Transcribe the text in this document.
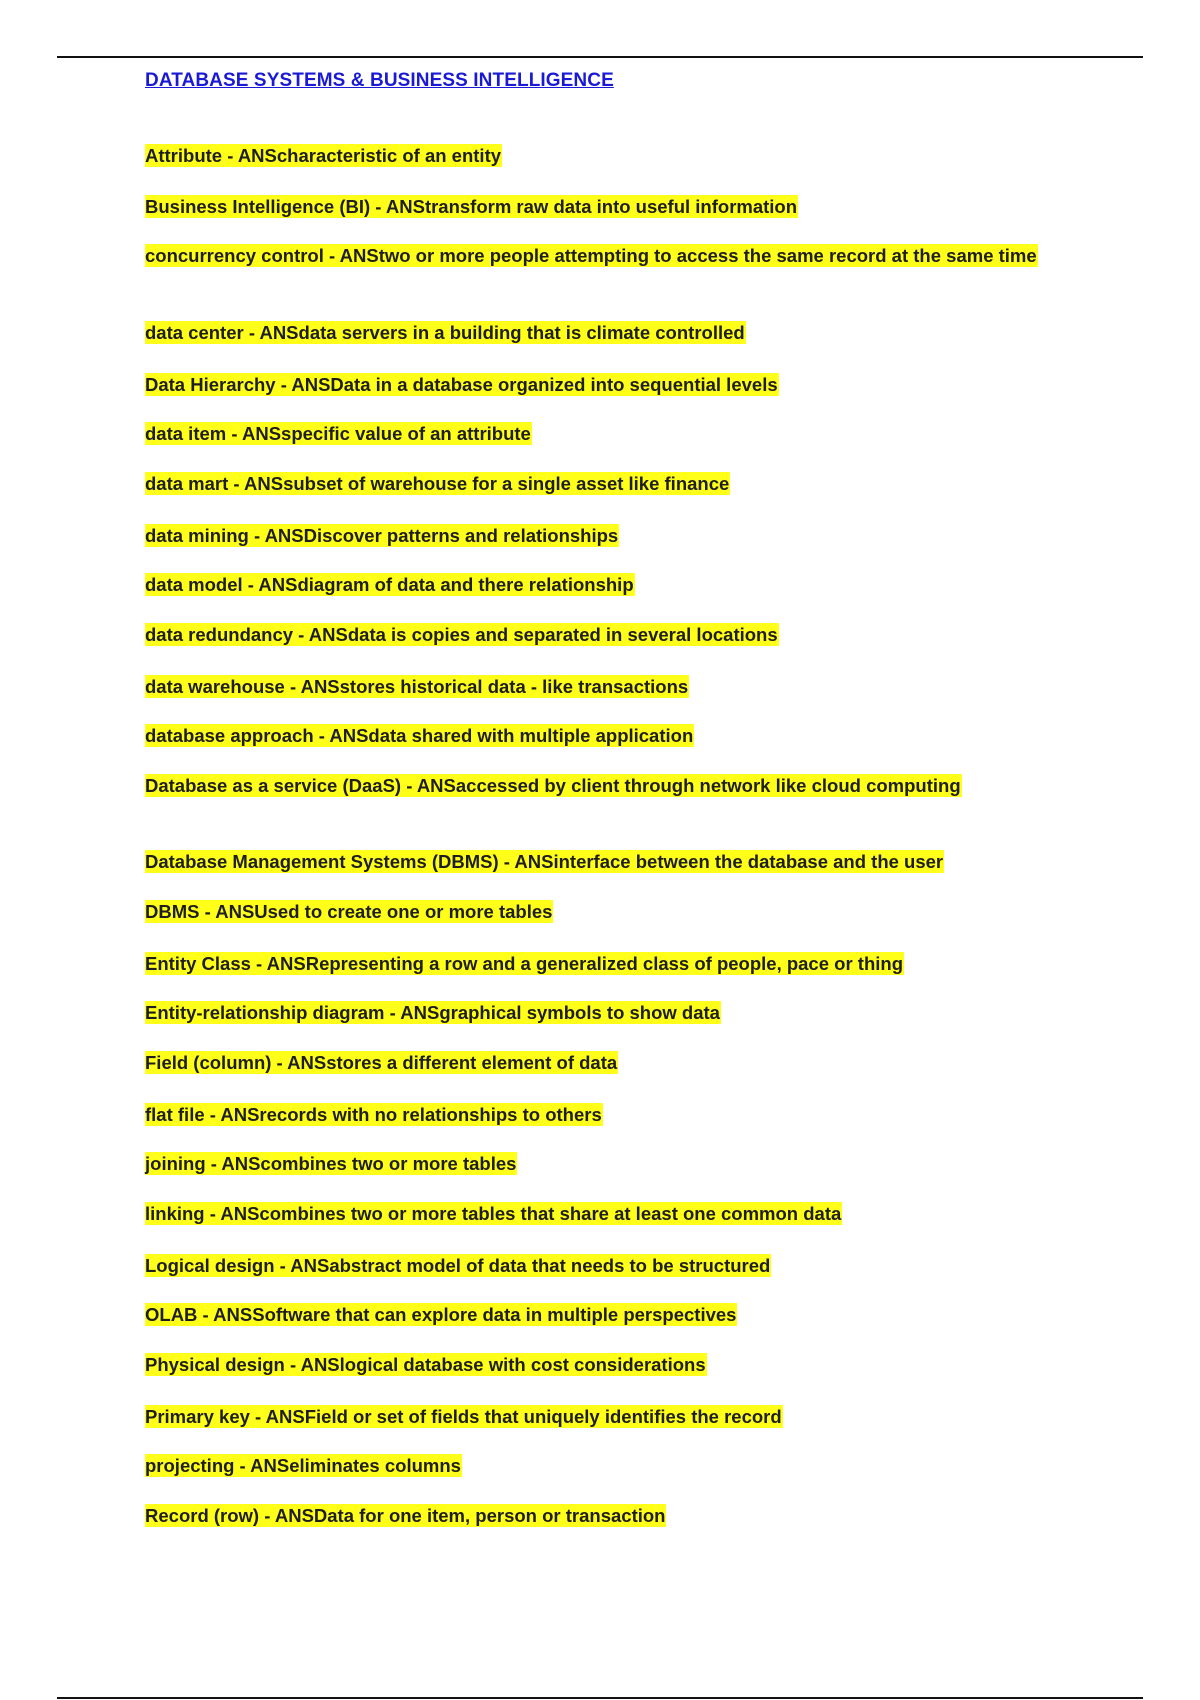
DATABASE SYSTEMS & BUSINESS INTELLIGENCE
Attribute - ANScharacteristic of an entity
Business Intelligence (BI) - ANStransform raw data into useful information
concurrency control - ANStwo or more people attempting to access the same record at the same time
data center - ANSdata servers in a building that is climate controlled
Data Hierarchy - ANSData in a database organized into sequential levels
data item - ANSspecific value of an attribute
data mart - ANSsubset of warehouse for a single asset like finance
data mining - ANSDiscover patterns and relationships
data model - ANSdiagram of data and there relationship
data redundancy - ANSdata is copies and separated in several locations
data warehouse - ANSstores historical data - like transactions
database approach - ANSdata shared with multiple application
Database as a service (DaaS) - ANSaccessed by client through network like cloud computing
Database Management Systems (DBMS) - ANSinterface between the database and the user
DBMS - ANSUsed to create one or more tables
Entity Class - ANSRepresenting a row and a generalized class of people, pace or thing
Entity-relationship diagram - ANSgraphical symbols to show data
Field (column) - ANSstores a different element of data
flat file - ANSrecords with no relationships to others
joining - ANScombines two or more tables
linking - ANScombines two or more tables that share at least one common data
Logical design - ANSabstract model of data that needs to be structured
OLAB - ANSSoftware that can explore data in multiple perspectives
Physical design - ANSlogical database with cost considerations
Primary key - ANSField or set of fields that uniquely identifies the record
projecting - ANSeliminates columns
Record (row) - ANSData for one item, person or transaction
